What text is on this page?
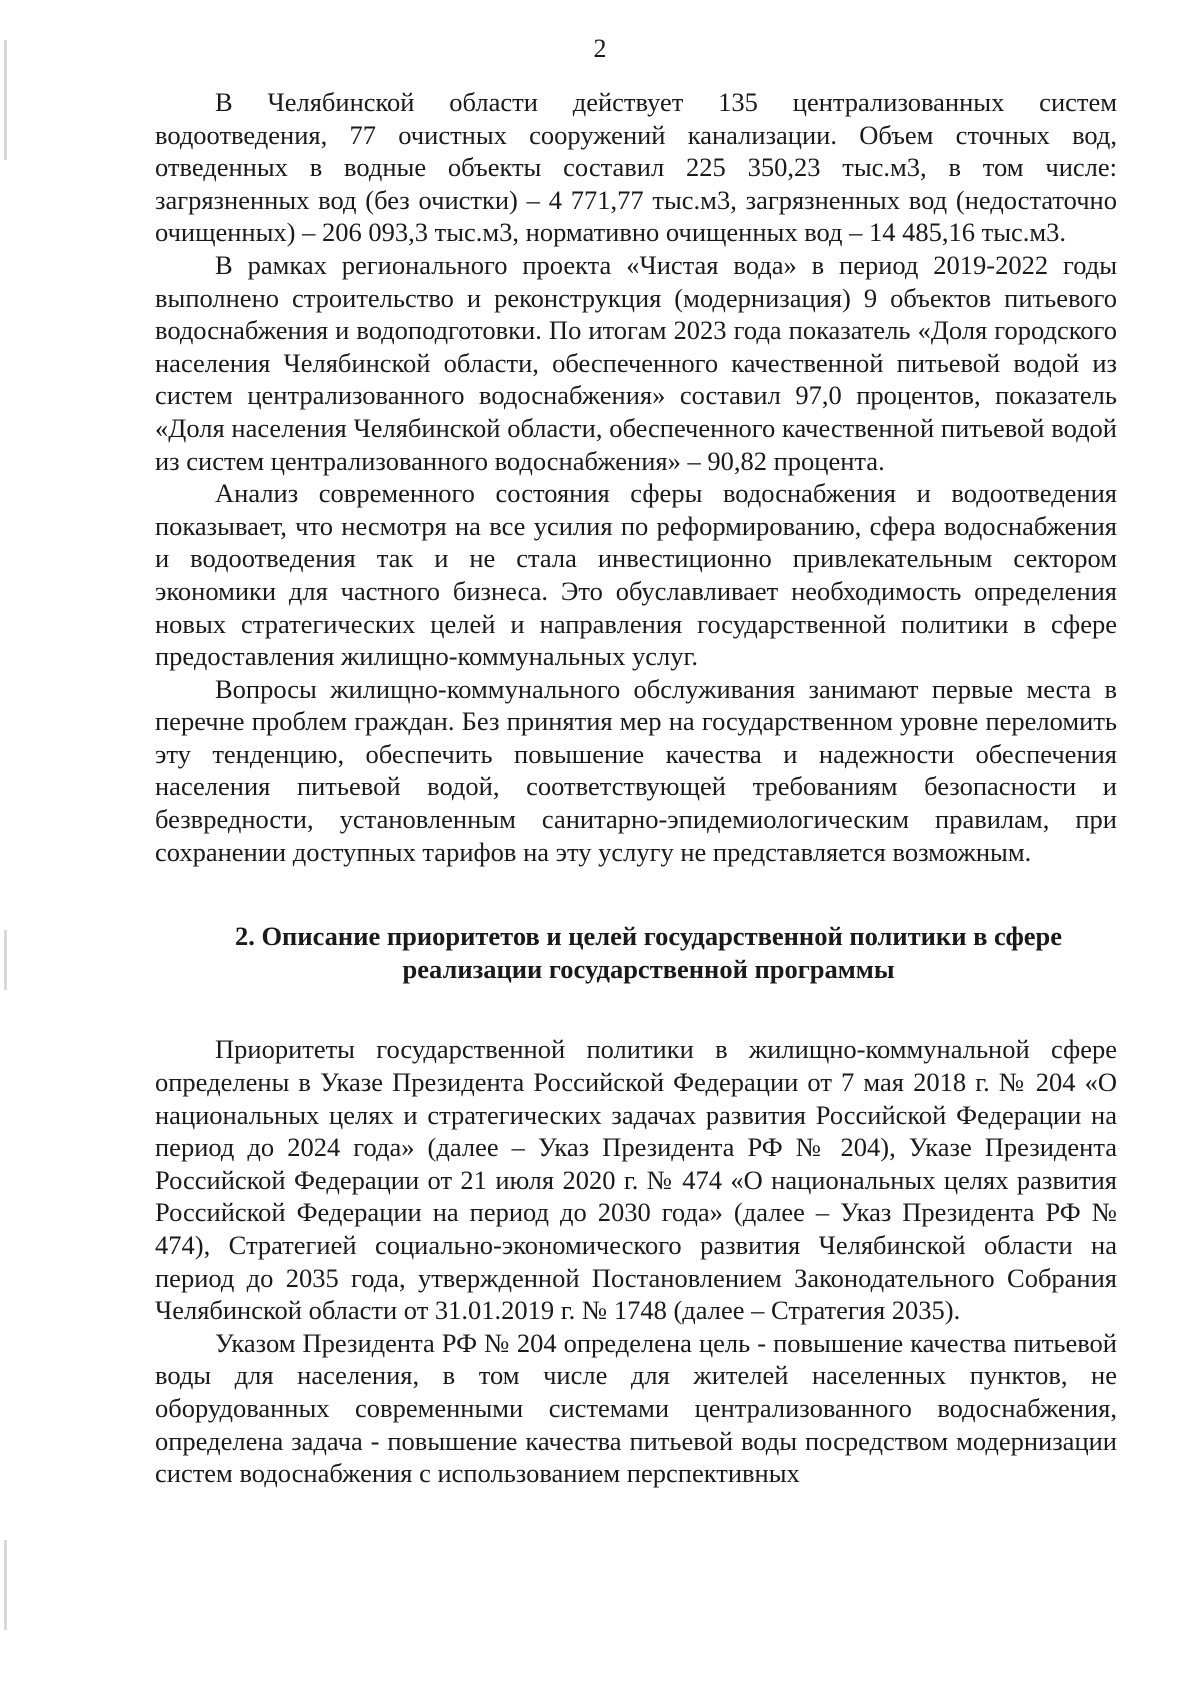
2

В Челябинской области действует 135 централизованных систем водоотведения, 77 очистных сооружений канализации. Объем сточных вод, отведенных в водные объекты составил 225 350,23 тыс.м3, в том числе: загрязненных вод (без очистки) – 4 771,77 тыс.м3, загрязненных вод (недостаточно очищенных) – 206 093,3 тыс.м3, нормативно очищенных вод – 14 485,16 тыс.м3.

В рамках регионального проекта «Чистая вода» в период 2019-2022 годы выполнено строительство и реконструкция (модернизация) 9 объектов питьевого водоснабжения и водоподготовки. По итогам 2023 года показатель «Доля городского населения Челябинской области, обеспеченного качественной питьевой водой из систем централизованного водоснабжения» составил 97,0 процентов, показатель «Доля населения Челябинской области, обеспеченного качественной питьевой водой из систем централизованного водоснабжения» – 90,82 процента.

Анализ современного состояния сферы водоснабжения и водоотведения показывает, что несмотря на все усилия по реформированию, сфера водоснабжения и водоотведения так и не стала инвестиционно привлекательным сектором экономики для частного бизнеса. Это обуславливает необходимость определения новых стратегических целей и направления государственной политики в сфере предоставления жилищно-коммунальных услуг.

Вопросы жилищно-коммунального обслуживания занимают первые места в перечне проблем граждан. Без принятия мер на государственном уровне переломить эту тенденцию, обеспечить повышение качества и надежности обеспечения населения питьевой водой, соответствующей требованиям безопасности и безвредности, установленным санитарно-эпидемиологическим правилам, при сохранении доступных тарифов на эту услугу не представляется возможным.

2. Описание приоритетов и целей государственной политики в сфере реализации государственной программы

Приоритеты государственной политики в жилищно-коммунальной сфере определены в Указе Президента Российской Федерации от 7 мая 2018 г. № 204 «О национальных целях и стратегических задачах развития Российской Федерации на период до 2024 года» (далее – Указ Президента РФ № 204), Указе Президента Российской Федерации от 21 июля 2020 г. № 474 «О национальных целях развития Российской Федерации на период до 2030 года» (далее – Указ Президента РФ № 474), Стратегией социально-экономического развития Челябинской области на период до 2035 года, утвержденной Постановлением Законодательного Собрания Челябинской области от 31.01.2019 г. № 1748 (далее – Стратегия 2035).

Указом Президента РФ № 204 определена цель - повышение качества питьевой воды для населения, в том числе для жителей населенных пунктов, не оборудованных современными системами централизованного водоснабжения, определена задача - повышение качества питьевой воды посредством модернизации систем водоснабжения с использованием перспективных
